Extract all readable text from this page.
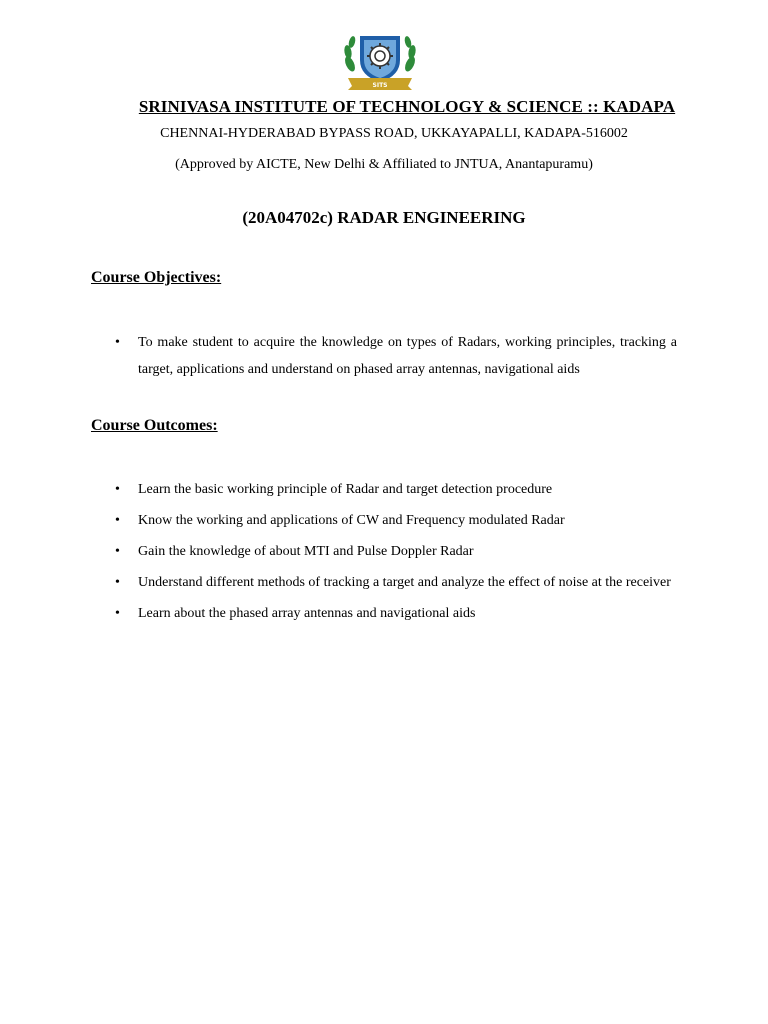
SITS
SRINIVASA INSTITUTE OF TECHNOLOGY & SCIENCE :: KADAPA
CHENNAI-HYDERABAD BYPASS ROAD, UKKAYAPALLI, KADAPA-516002
(Approved by AICTE, New Delhi & Affiliated to JNTUA, Anantapuramu)
(20A04702c) RADAR ENGINEERING
Course Objectives:
• To make student to acquire the knowledge on types of Radars, working principles, tracking a target, applications and understand on phased array antennas, navigational aids
Course Outcomes:
• Learn the basic working principle of Radar and target detection procedure
• Know the working and applications of CW and Frequency modulated Radar
• Gain the knowledge of about MTI and Pulse Doppler Radar
• Understand different methods of tracking a target and analyze the effect of noise at the receiver
• Learn about the phased array antennas and navigational aids
